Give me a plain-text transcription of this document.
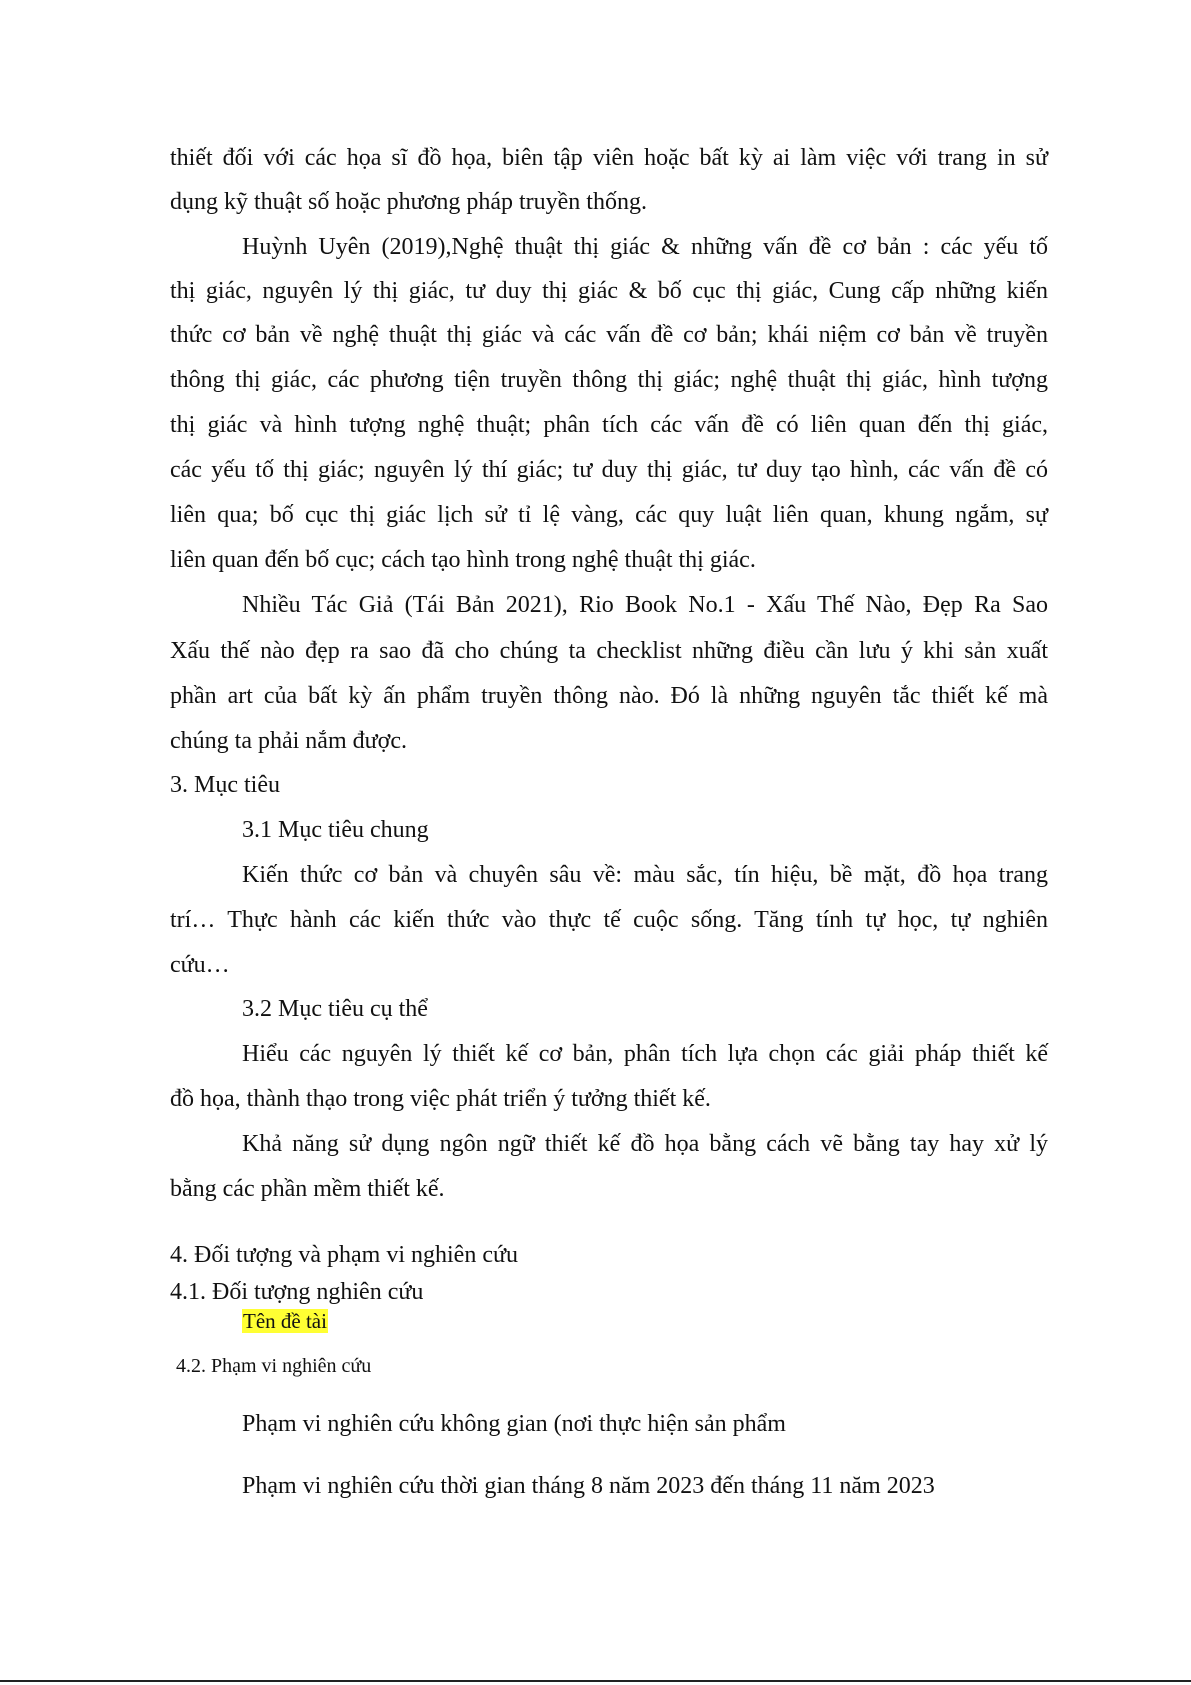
thiết đối với các họa sĩ đồ họa, biên tập viên hoặc bất kỳ ai làm việc với trang in sử
dụng kỹ thuật số hoặc phương pháp truyền thống.
Huỳnh Uyên (2019),Nghệ thuật thị giác & những vấn đề cơ bản : các yếu tố
thị giác, nguyên lý thị giác, tư duy thị giác & bố cục thị giác, Cung cấp những kiến
thức cơ bản về nghệ thuật thị giác và các vấn đề cơ bản; khái niệm cơ bản về truyền
thông thị giác, các phương tiện truyền thông thị giác; nghệ thuật thị giác, hình tượng
thị giác và hình tượng nghệ thuật; phân tích các vấn đề có liên quan đến thị giác,
các yếu tố thị giác; nguyên lý thí giác; tư duy thị giác, tư duy tạo hình, các vấn đề có
liên qua; bố cục thị giác lịch sử tỉ lệ vàng, các quy luật liên quan, khung ngắm, sự
liên quan đến bố cục; cách tạo hình trong nghệ thuật thị giác.
Nhiều Tác Giả (Tái Bản 2021), Rio Book No.1 - Xấu Thế Nào, Đẹp Ra Sao
Xấu thế nào đẹp ra sao đã cho chúng ta checklist những điều cần lưu ý khi sản xuất
phần art của bất kỳ ấn phẩm truyền thông nào. Đó là những nguyên tắc thiết kế mà
chúng ta phải nắm được.
3. Mục tiêu
3.1 Mục tiêu chung
Kiến thức cơ bản và chuyên sâu về: màu sắc, tín hiệu, bề mặt, đồ họa trang
trí… Thực hành các kiến thức vào thực tế cuộc sống. Tăng tính tự học, tự nghiên
cứu…
3.2 Mục tiêu cụ thể
Hiểu các nguyên lý thiết kế cơ bản, phân tích lựa chọn các giải pháp thiết kế
đồ họa, thành thạo trong việc phát triển ý tưởng thiết kế.
Khả năng sử dụng ngôn ngữ thiết kế đồ họa bằng cách vẽ bằng tay hay xử lý
bằng các phần mềm thiết kế.
4. Đối tượng và phạm vi nghiên cứu
4.1. Đối tượng nghiên cứu
Tên đề tài
4.2. Phạm vi nghiên cứu
Phạm vi nghiên cứu không gian (nơi thực hiện sản phẩm
Phạm vi nghiên cứu thời gian tháng 8 năm 2023 đến tháng 11 năm 2023
